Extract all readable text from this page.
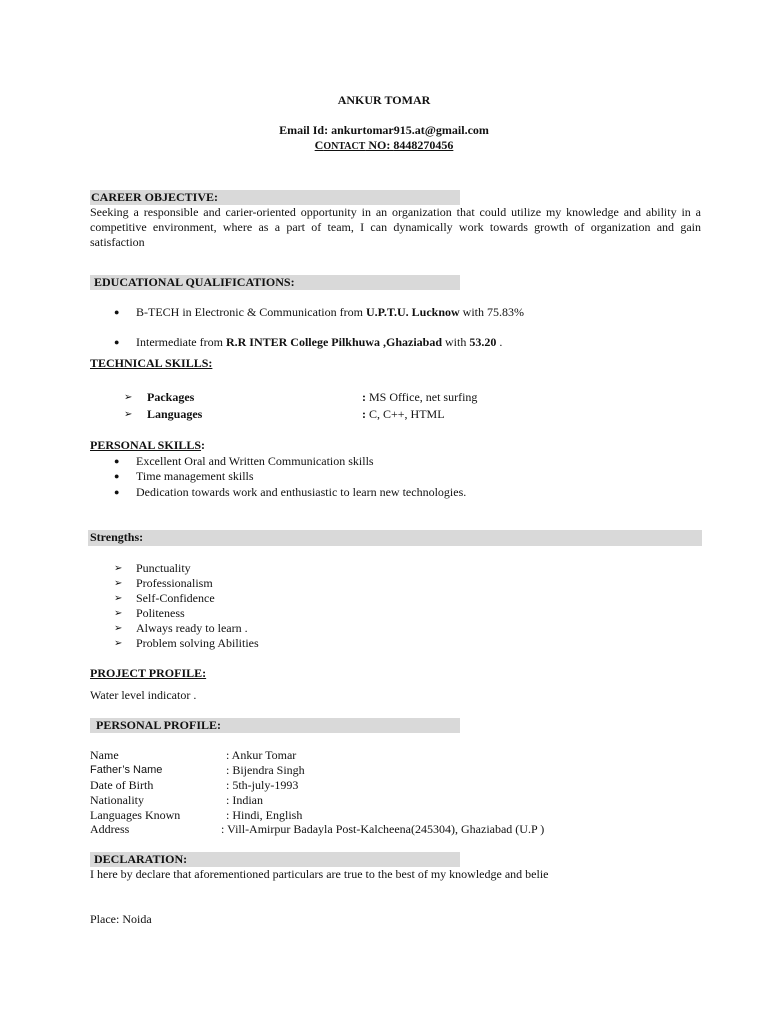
ANKUR TOMAR
Email Id: ankurtomar915.at@gmail.com
CONTACT NO: 8448270456
CAREER OBJECTIVE:
Seeking a responsible and carier-oriented opportunity in an organization that could utilize my knowledge and ability in a competitive environment, where as a part of team, I can dynamically work towards growth of organization and gain satisfaction
EDUCATIONAL QUALIFICATIONS:
● B-TECH in Electronic & Communication from U.P.T.U. Lucknow with 75.83%
● Intermediate from R.R INTER College Pilkhuwa ,Ghaziabad with 53.20 .
TECHNICAL SKILLS:
➢ Packages	: MS Office, net surfing
➢ Languages	: C, C++, HTML
PERSONAL SKILLS:
● Excellent Oral and Written Communication skills
● Time management skills
● Dedication towards work and enthusiastic to learn new technologies.
Strengths:
➢ Punctuality
➢ Professionalism
➢ Self-Confidence
➢ Politeness
➢ Always ready to learn .
➢ Problem solving Abilities
PROJECT PROFILE:
Water level indicator .
PERSONAL PROFILE:
Name	: Ankur Tomar
Father’s Name	: Bijendra Singh
Date of Birth	: 5th-july-1993
Nationality	: Indian
Languages Known	: Hindi, English
Address	: Vill-Amirpur Badayla Post-Kalcheena(245304), Ghaziabad (U.P )
DECLARATION:
I here by declare that aforementioned particulars are true to the best of my knowledge and belie
Place: Noida
